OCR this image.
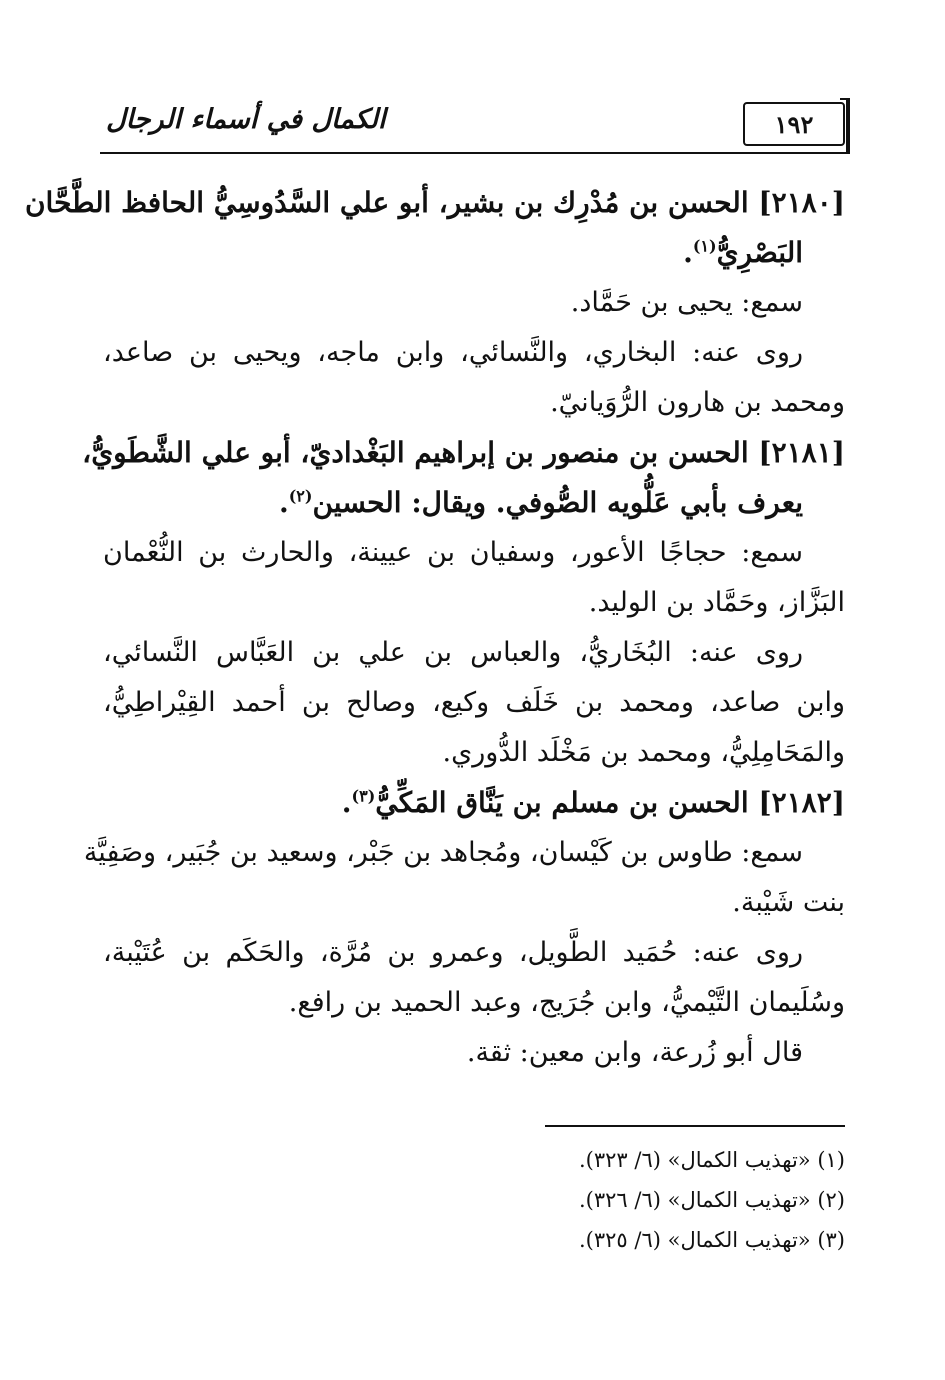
١٩٢
الكمال في أسماء الرجال
[٢١٨٠] الحسن بن مُدْرِك بن بشير، أبو علي السَّدُوسِيُّ الحافظ الطَّحَّان
البَصْرِيُّ$^{(١)}$.
سمع: يحيى بن حَمَّاد.
روى عنه: البخاري، والنَّسائي، وابن ماجه، ويحيى بن صاعد،
ومحمد بن هارون الرُّوَيانيّ.
[٢١٨١] الحسن بن منصور بن إبراهيم البَغْداديّ، أبو علي الشَّطَويُّ،
يعرف بأبي عَلُّويه الصُّوفي. ويقال: الحسين$^{(٢)}$.
سمع: حجاجًا الأعور، وسفيان بن عيينة، والحارث بن النُّعْمان
البَزَّاز، وحَمَّاد بن الوليد.
روى عنه: البُخَاريُّ، والعباس بن علي بن العَبَّاس النَّسائي،
وابن صاعد، ومحمد بن خَلَف وكيع، وصالح بن أحمد القِيْراطِيُّ،
والمَحَامِلِيُّ، ومحمد بن مَخْلَد الدُّوري.
[٢١٨٢] الحسن بن مسلم بن يَنَّاق المَكِّيُّ$^{(٣)}$.
سمع: طاوس بن كَيْسان، ومُجاهد بن جَبْر، وسعيد بن جُبَير، وصَفِيَّة
بنت شَيْبة.
روى عنه: حُمَيد الطَّويل، وعمرو بن مُرَّة، والحَكَم بن عُتَيْبة،
وسُلَيمان التَّيْميُّ، وابن جُرَيج، وعبد الحميد بن رافع.
قال أبو زُرعة، وابن معين: ثقة.
(١) «تهذيب الكمال» (٦/ ٣٢٣).
(٢) «تهذيب الكمال» (٦/ ٣٢٦).
(٣) «تهذيب الكمال» (٦/ ٣٢٥).
